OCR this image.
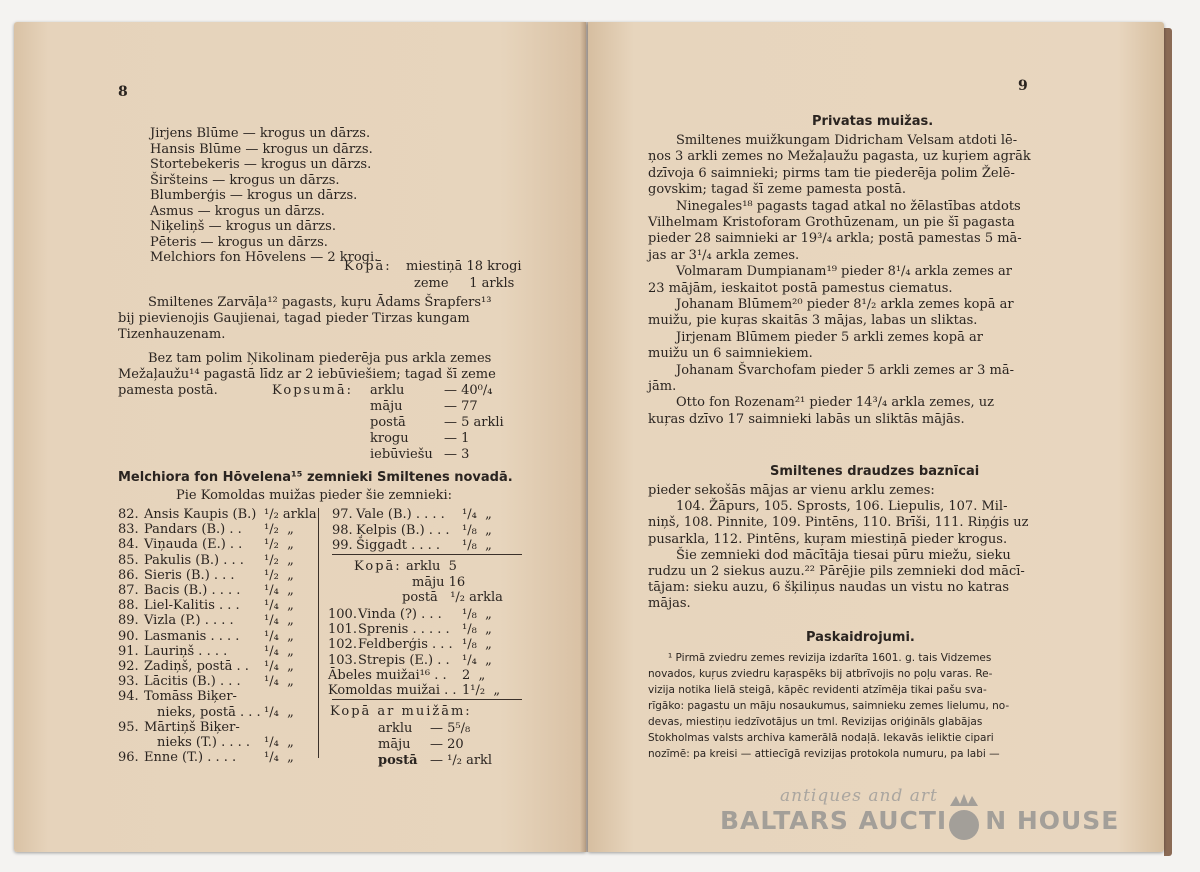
8
Jirjens Blūme — krogus un dārzs.
Hansis Blūme — krogus un dārzs.
Stortebekeris — krogus un dārzs.
Širšteins — krogus un dārzs.
Blumberģis — krogus un dārzs.
Asmus — krogus un dārzs.
Niķeliņš — krogus un dārzs.
Pēteris — krogus un dārzs.
Melchiors fon Hōvelens — 2 krogi.
Kopā: miestiņā 18 krogi
zeme     1 arkls
Smiltenes Zarvāļa¹² pagasts, kuŗu Ādams Šrapfers¹³
bij pievienojis Gaujienai, tagad pieder Tirzas kungam
Tizenhauzenam.
Bez tam polim Ņikolinam piederēja pus arkla zemes
Mežaļaužu¹⁴ pagastā līdz ar 2 iebūviešiem; tagad šī zeme
pamesta postā.	Kopsumā: arklu	— 40⁰/₄
māju	— 77
postā	— 5 arkli
krogu	— 1
iebūviešu — 3
Melchiora fon Hōvelena¹⁵ zemnieki Smiltenes novadā.
Pie Komoldas muižas pieder šie zemnieki:
82. Ansis Kaupis (B.) ¹/₂ arkla
83. Pandars (B.) . . ¹/₂  „
84. Viņauda (E.) . . ¹/₂  „
85. Pakulis (B.) . . . ¹/₂  „
86. Sieris (B.) . . . ¹/₂  „
87. Bacis (B.) . . . . ¹/₄  „
88. Liel-Kalitis . . . ¹/₄  „
89. Vizla (P.) . . . . ¹/₄  „
90. Lasmanis . . . . ¹/₄  „
91. Lauriņš . . . .	¹/₄  „
92. Zadiņš, postā . . ¹/₄  „
93. Lācitis (B.) . . . ¹/₄  „
94. Tomāss Biķer-
nieks, postā . . . ¹/₄  „
95. Mārtiņš Biķer-
nieks (T.) . . . . ¹/₄  „
96. Enne (T.) . . . . ¹/₄  „
97. Vale (B.) . . . . ¹/₄  „
98. Ķelpis (B.) . . . ¹/₈  „
99. Šiggadt . . . . ¹/₈  „
Kopā: arklu  5
māju 16
postā   ¹/₂ arkla
100. Vinda (?) . . . ¹/₈  „
101. Sprenis . . . . . ¹/₈  „
102. Feldberģis . . . ¹/₈  „
103. Strepis (E.) . . ¹/₄  „
Ābeles muižai¹⁶ . . 2  „
Komoldas muižai . . 1¹/₂  „
Kopā ar muižām:
arklu — 5⁵/₈
māju — 20
postā — ¹/₂ arkl
9
Privatas muižas.
Smiltenes muižkungam Didricham Velsam atdoti lē-
ņos 3 arkli zemes no Mežaļaužu pagasta, uz kuŗiem agrāk
dzīvoja 6 saimnieki; pirms tam tie piederēja polim Želē-
govskim; tagad šī zeme pamesta postā.
Ninegales¹⁸ pagasts tagad atkal no žēlastības atdots
Vilhelmam Kristoforam Grothūzenam, un pie šī pagasta
pieder 28 saimnieki ar 19³/₄ arkla; postā pamestas 5 mā-
jas ar 3¹/₄ arkla zemes.
Volmaram Dumpianam¹⁹ pieder 8¹/₄ arkla zemes ar
23 mājām, ieskaitot postā pamestus ciematus.
Johanam Blūmem²⁰ pieder 8¹/₂ arkla zemes kopā ar
muižu, pie kuŗas skaitās 3 mājas, labas un sliktas.
Jirjenam Blūmem pieder 5 arkli zemes kopā ar
muižu un 6 saimniekiem.
Johanam Švarchofam pieder 5 arkli zemes ar 3 mā-
jām.
Otto fon Rozenam²¹ pieder 14³/₄ arkla zemes, uz
kuŗas dzīvo 17 saimnieki labās un sliktās mājās.
Smiltenes draudzes baznīcai
pieder sekošās mājas ar vienu arklu zemes:
104. Žāpurs, 105. Sprosts, 106. Liepulis, 107. Mil-
niņš, 108. Pinnite, 109. Pintēns, 110. Brīši, 111. Riņģis uz
pusarkla, 112. Pintēns, kuŗam miestiņā pieder krogus.
Šie zemnieki dod mācītāja tiesai pūru miežu, sieku
rudzu un 2 siekus auzu.²² Pārējie pils zemnieki dod mācī-
tājam: sieku auzu, 6 šķiliņus naudas un vistu no katras
mājas.
Paskaidrojumi.
¹ Pirmā zviedru zemes revizija izdarīta 1601. g. tais Vidzemes
novados, kuŗus zviedru kaŗaspēks bij atbrīvojis no poļu varas. Re-
vizija notika lielā steigā, kāpēc revidenti atzīmēja tikai pašu sva-
rīgāko: pagastu un māju nosaukumus, saimnieku zemes lielumu, no-
devas, miestiņu iedzīvotājus un tml. Revizijas oriģināls glabājas
Stokholmas valsts archiva kamerālā nodaļā. Iekavās ieliktie cipari
nozīmē: pa kreisi — attiecīgā revizijas protokola numuru, pa labi —
antiques and art
BALTARS AUCTI N HOUSE
